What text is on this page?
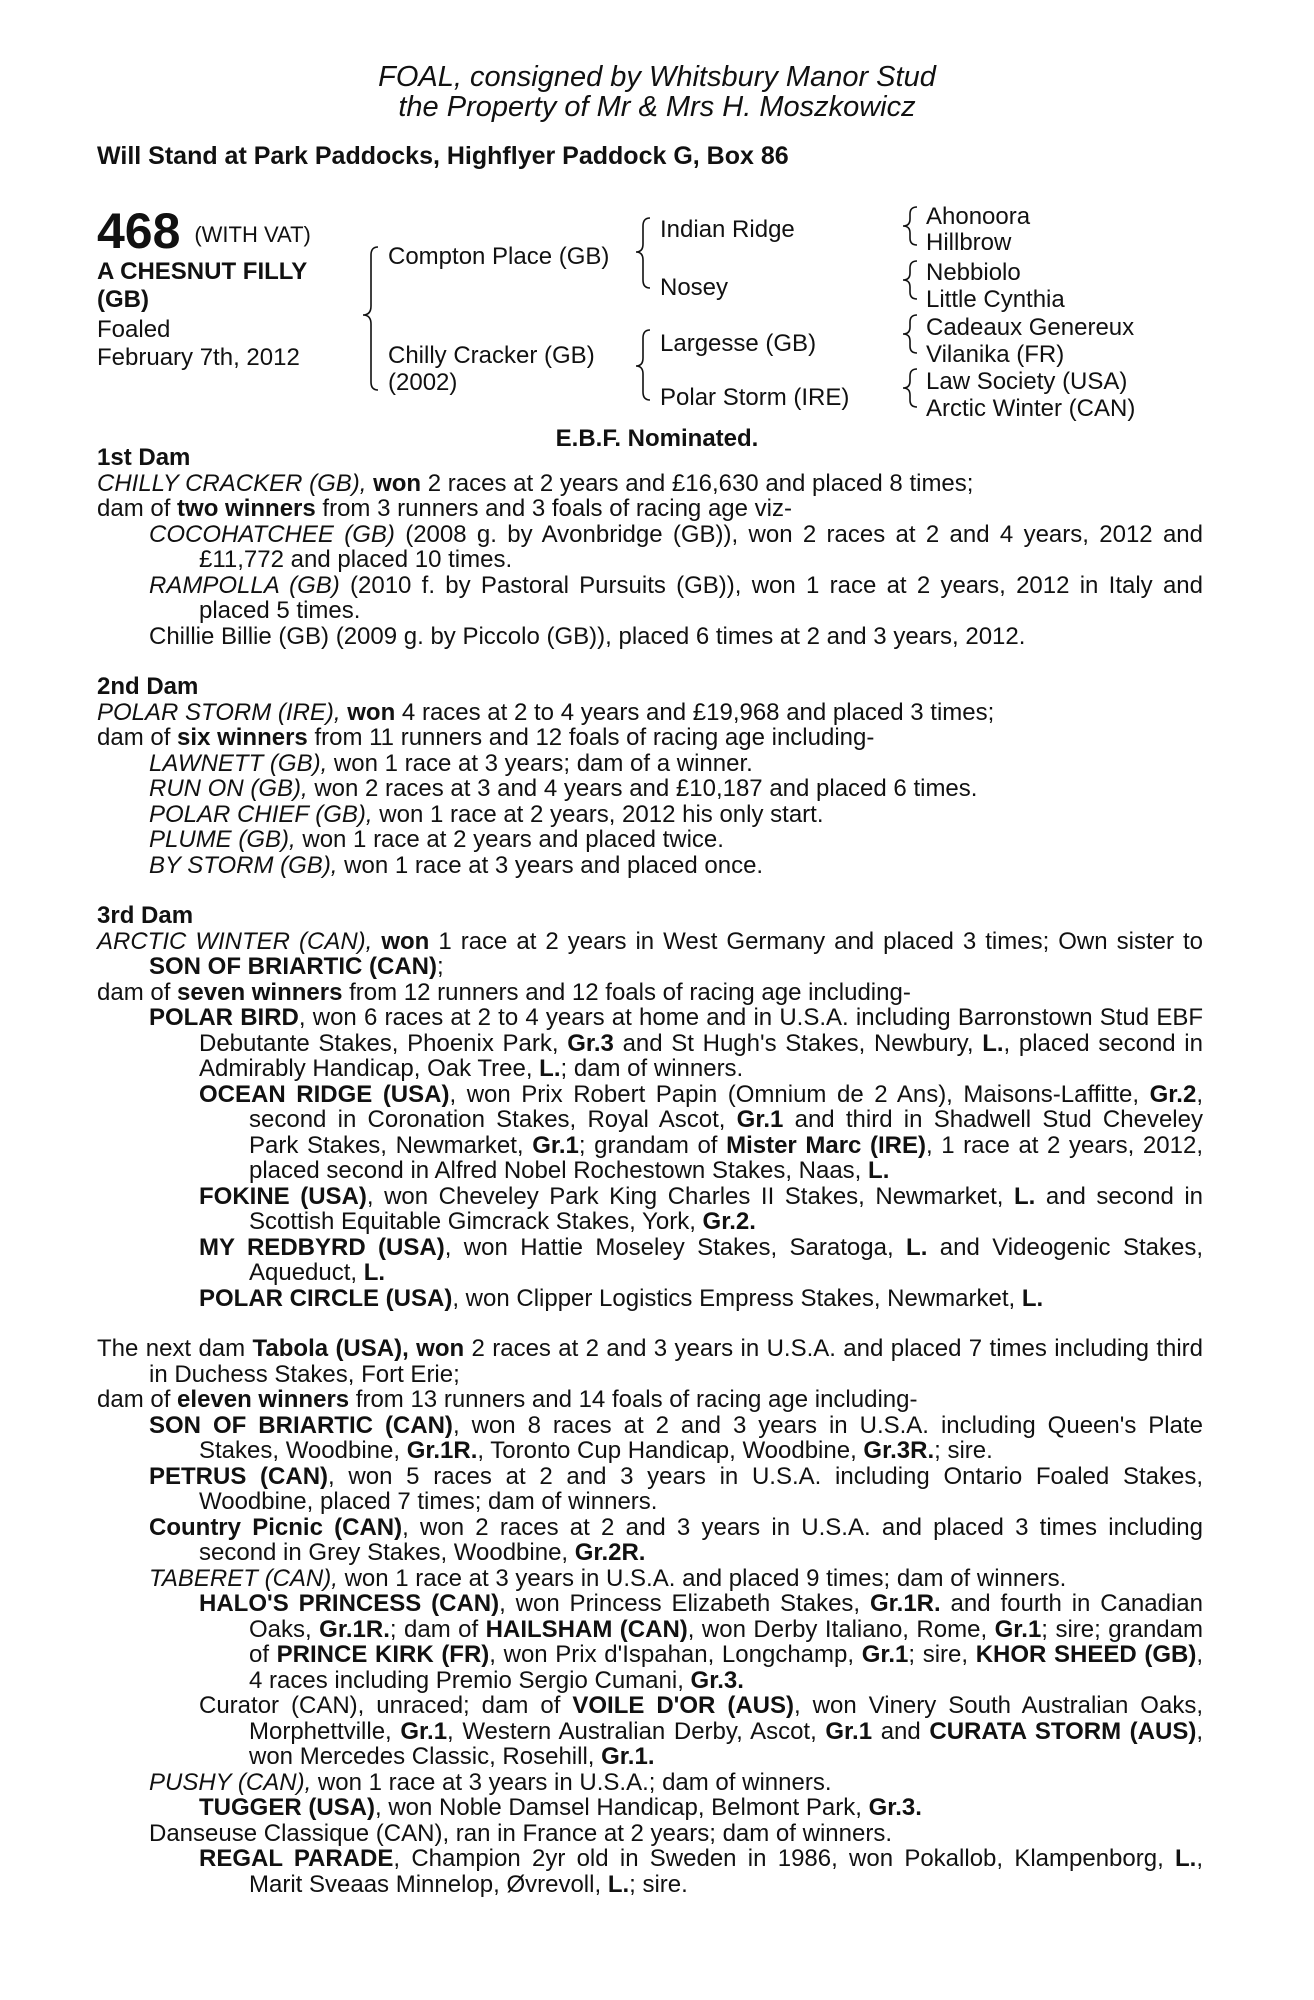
FOAL, consigned by Whitsbury Manor Stud
the Property of Mr & Mrs H. Moszkowicz
Will Stand at Park Paddocks, Highflyer Paddock G, Box 86
468 (WITH VAT)
A CHESNUT FILLY
(GB)
Foaled
February 7th, 2012
Compton Place (GB)
Chilly Cracker (GB)
(2002)
Indian Ridge
Nosey
Largesse (GB)
Polar Storm (IRE)
Ahonoora
Hillbrow
Nebbiolo
Little Cynthia
Cadeaux Genereux
Vilanika (FR)
Law Society (USA)
Arctic Winter (CAN)
E.B.F. Nominated.

1st Dam

CHILLY CRACKER (GB), won 2 races at 2 years and £16,630 and placed 8 times;

dam of two winners from 3 runners and 3 foals of racing age viz-

COCOHATCHEE (GB) (2008 g. by Avonbridge (GB)), won 2 races at 2 and 4 years, 2012 and £11,772 and placed 10 times.

RAMPOLLA (GB) (2010 f. by Pastoral Pursuits (GB)), won 1 race at 2 years, 2012 in Italy and placed 5 times.

Chillie Billie (GB) (2009 g. by Piccolo (GB)), placed 6 times at 2 and 3 years, 2012.

2nd Dam

POLAR STORM (IRE), won 4 races at 2 to 4 years and £19,968 and placed 3 times;

dam of six winners from 11 runners and 12 foals of racing age including-

LAWNETT (GB), won 1 race at 3 years; dam of a winner.

RUN ON (GB), won 2 races at 3 and 4 years and £10,187 and placed 6 times.

POLAR CHIEF (GB), won 1 race at 2 years, 2012 his only start.

PLUME (GB), won 1 race at 2 years and placed twice.

BY STORM (GB), won 1 race at 3 years and placed once.

3rd Dam

ARCTIC WINTER (CAN), won 1 race at 2 years in West Germany and placed 3 times; Own sister to SON OF BRIARTIC (CAN);

dam of seven winners from 12 runners and 12 foals of racing age including-

POLAR BIRD, won 6 races at 2 to 4 years at home and in U.S.A. including Barronstown Stud EBF Debutante Stakes, Phoenix Park, Gr.3 and St Hugh's Stakes, Newbury, L., placed second in Admirably Handicap, Oak Tree, L.; dam of winners.

OCEAN RIDGE (USA), won Prix Robert Papin (Omnium de 2 Ans), Maisons-Laffitte, Gr.2, second in Coronation Stakes, Royal Ascot, Gr.1 and third in Shadwell Stud Cheveley Park Stakes, Newmarket, Gr.1; grandam of Mister Marc (IRE), 1 race at 2 years, 2012, placed second in Alfred Nobel Rochestown Stakes, Naas, L.

FOKINE (USA), won Cheveley Park King Charles II Stakes, Newmarket, L. and second in Scottish Equitable Gimcrack Stakes, York, Gr.2.

MY REDBYRD (USA), won Hattie Moseley Stakes, Saratoga, L. and Videogenic Stakes, Aqueduct, L.

POLAR CIRCLE (USA), won Clipper Logistics Empress Stakes, Newmarket, L.

The next dam Tabola (USA), won 2 races at 2 and 3 years in U.S.A. and placed 7 times including third in Duchess Stakes, Fort Erie;

dam of eleven winners from 13 runners and 14 foals of racing age including-

SON OF BRIARTIC (CAN), won 8 races at 2 and 3 years in U.S.A. including Queen's Plate Stakes, Woodbine, Gr.1R., Toronto Cup Handicap, Woodbine, Gr.3R.; sire.

PETRUS (CAN), won 5 races at 2 and 3 years in U.S.A. including Ontario Foaled Stakes, Woodbine, placed 7 times; dam of winners.

Country Picnic (CAN), won 2 races at 2 and 3 years in U.S.A. and placed 3 times including second in Grey Stakes, Woodbine, Gr.2R.

TABERET (CAN), won 1 race at 3 years in U.S.A. and placed 9 times; dam of winners.

HALO'S PRINCESS (CAN), won Princess Elizabeth Stakes, Gr.1R. and fourth in Canadian Oaks, Gr.1R.; dam of HAILSHAM (CAN), won Derby Italiano, Rome, Gr.1; sire; grandam of PRINCE KIRK (FR), won Prix d'Ispahan, Longchamp, Gr.1; sire, KHOR SHEED (GB), 4 races including Premio Sergio Cumani, Gr.3.

Curator (CAN), unraced; dam of VOILE D'OR (AUS), won Vinery South Australian Oaks, Morphettville, Gr.1, Western Australian Derby, Ascot, Gr.1 and CURATA STORM (AUS), won Mercedes Classic, Rosehill, Gr.1.

PUSHY (CAN), won 1 race at 3 years in U.S.A.; dam of winners.

TUGGER (USA), won Noble Damsel Handicap, Belmont Park, Gr.3.

Danseuse Classique (CAN), ran in France at 2 years; dam of winners.

REGAL PARADE, Champion 2yr old in Sweden in 1986, won Pokallob, Klampenborg, L., Marit Sveaas Minnelop, Øvrevoll, L.; sire.
